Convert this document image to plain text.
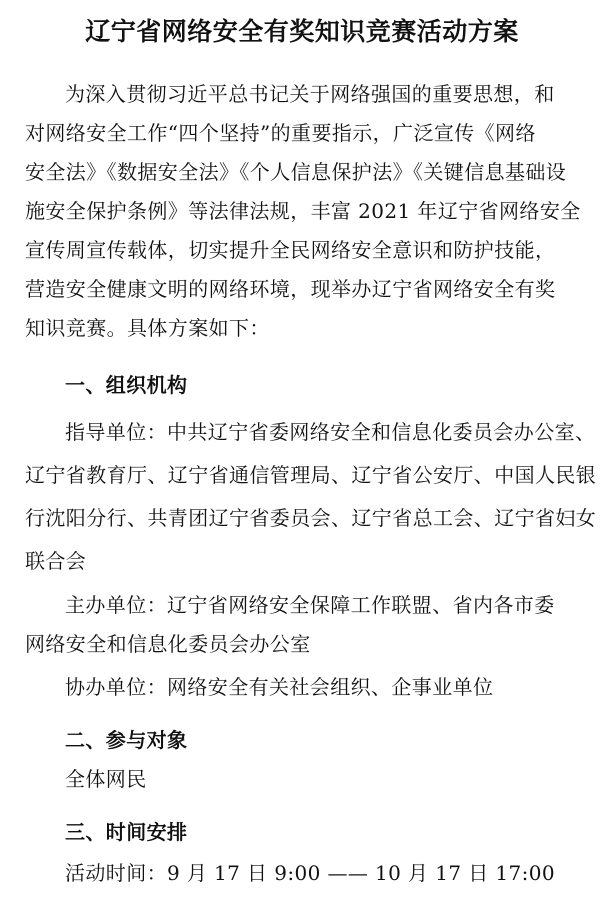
辽宁省网络安全有奖知识竞赛活动方案
为深入贯彻习近平总书记关于网络强国的重要思想，和
对网络安全工作“四个坚持”的重要指示，广泛宣传《网络
安全法》《数据安全法》《个人信息保护法》《关键信息基础设
施安全保护条例》等法律法规，丰富 2021 年辽宁省网络安全
宣传周宣传载体，切实提升全民网络安全意识和防护技能，
营造安全健康文明的网络环境，现举办辽宁省网络安全有奖
知识竞赛。具体方案如下：
一、组织机构
指导单位：中共辽宁省委网络安全和信息化委员会办公室、
辽宁省教育厅、辽宁省通信管理局、辽宁省公安厅、中国人民银
行沈阳分行、共青团辽宁省委员会、辽宁省总工会、辽宁省妇女
联合会
主办单位：辽宁省网络安全保障工作联盟、省内各市委
网络安全和信息化委员会办公室
协办单位：网络安全有关社会组织、企事业单位
二、参与对象
全体网民
三、时间安排
活动时间：9 月 17 日 9:00 —— 10 月 17 日 17:00
